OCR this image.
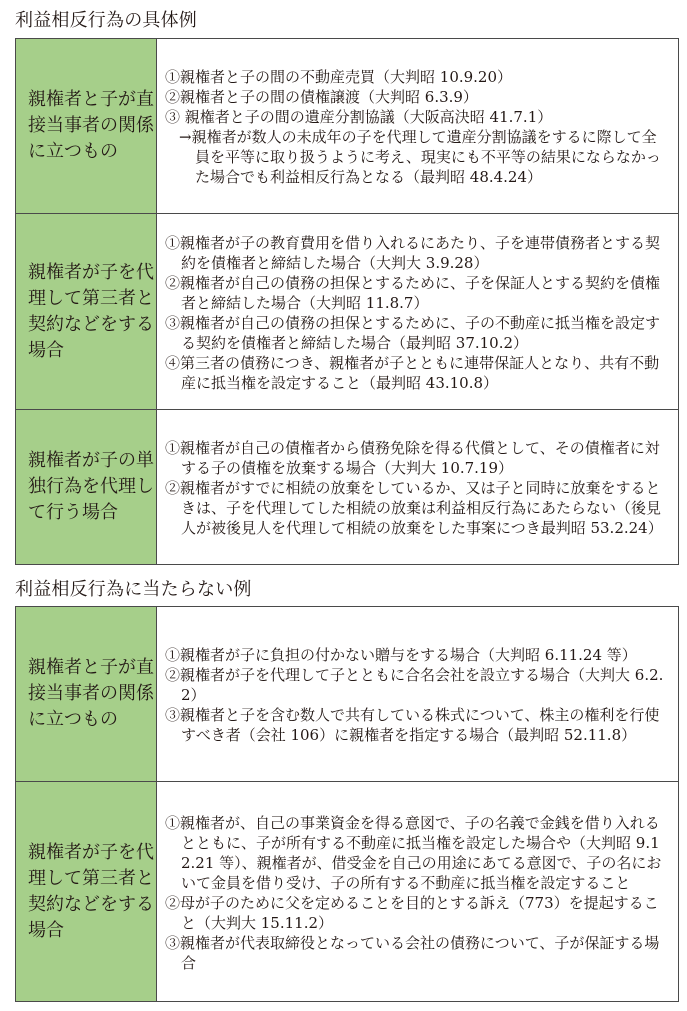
利益相反行為の具体例
親権者と子が直接当事者の関係に立つもの	①親権者と子の間の不動産売買（大判昭 10.9.20）
②親権者と子の間の債権譲渡（大判昭 6.3.9）
③ 親権者と子の間の遺産分割協議（大阪高決昭 41.7.1）
→親権者が数人の未成年の子を代理して遺産分割協議をするに際して全員を平等に取り扱うように考え、現実にも不平等の結果にならなかった場合でも利益相反行為となる（最判昭 48.4.24）

親権者が子を代理して第三者と契約などをする場合	①親権者が子の教育費用を借り入れるにあたり、子を連帯債務者とする契約を債権者と締結した場合（大判大 3.9.28）
②親権者が自己の債務の担保とするために、子を保証人とする契約を債権者と締結した場合（大判昭 11.8.7）
③親権者が自己の債務の担保とするために、子の不動産に抵当権を設定する契約を債権者と締結した場合（最判昭 37.10.2）
④第三者の債務につき、親権者が子とともに連帯保証人となり、共有不動産に抵当権を設定すること（最判昭 43.10.8）

親権者が子の単独行為を代理して行う場合	①親権者が自己の債権者から債務免除を得る代償として、その債権者に対する子の債権を放棄する場合（大判大 10.7.19）
②親権者がすでに相続の放棄をしているか、又は子と同時に放棄をするときは、子を代理してした相続の放棄は利益相反行為にあたらない（後見人が被後見人を代理して相続の放棄をした事案につき最判昭 53.2.24）
利益相反行為に当たらない例
親権者と子が直接当事者の関係に立つもの	①親権者が子に負担の付かない贈与をする場合（大判昭 6.11.24 等）
②親権者が子を代理して子とともに合名会社を設立する場合（大判大 6.2.2）
③親権者と子を含む数人で共有している株式について、株主の権利を行使すべき者（会社 106）に親権者を指定する場合（最判昭 52.11.8）

親権者が子を代理して第三者と契約などをする場合	①親権者が、自己の事業資金を得る意図で、子の名義で金銭を借り入れるとともに、子が所有する不動産に抵当権を設定した場合や（大判昭 9.12.21 等）、親権者が、借受金を自己の用途にあてる意図で、子の名において金員を借り受け、子の所有する不動産に抵当権を設定すること
②母が子のために父を定めることを目的とする訴え（773）を提起すること（大判大 15.11.2）
③親権者が代表取締役となっている会社の債務について、子が保証する場合
